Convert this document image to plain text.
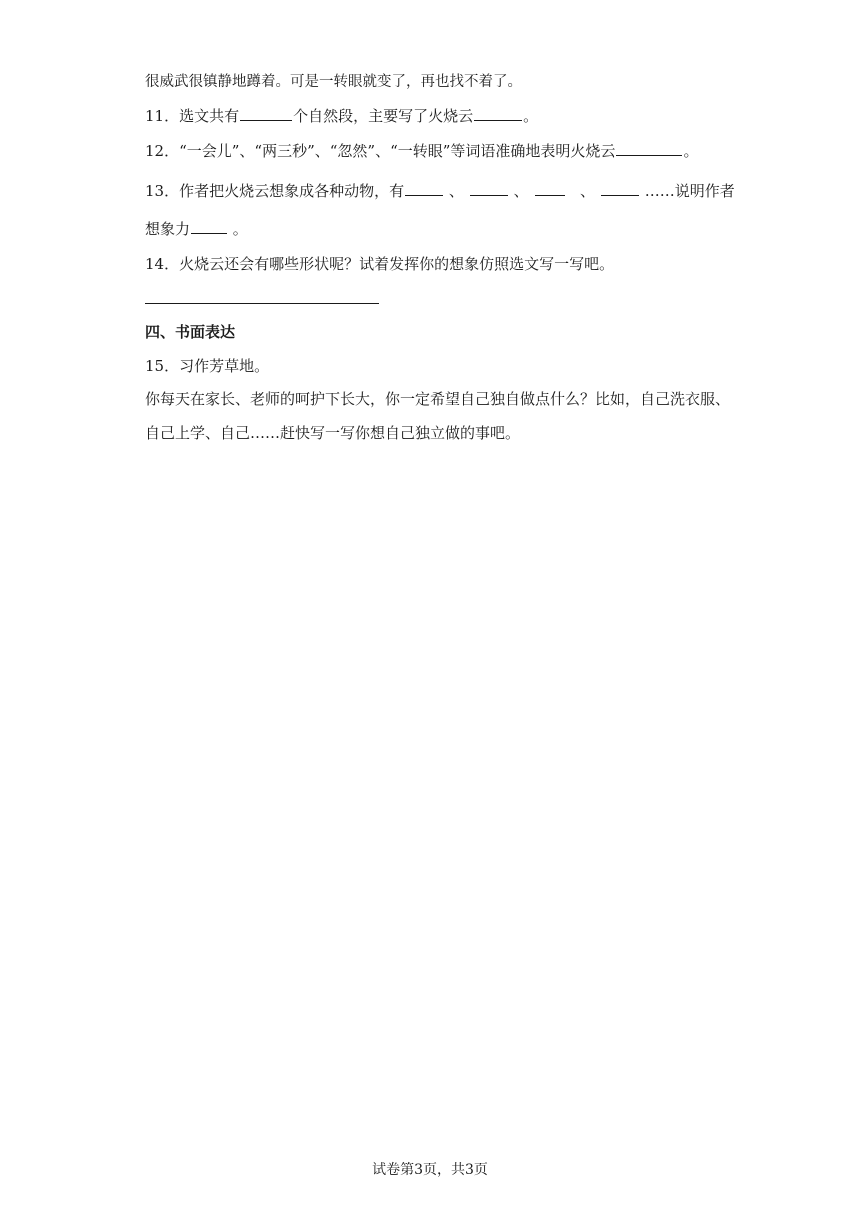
很威武很镇静地蹲着。可是一转眼就变了，再也找不着了。
11．选文共有	个自然段，主要写了火烧云	。
12．“一会儿”、“两三秒”、“忽然”、“一转眼”等词语准确地表明火烧云	。
13．作者把火烧云想象成各种动物，有	、	、   、	……说明作者
想象力	。
14．火烧云还会有哪些形状呢？试着发挥你的想象仿照选文写一写吧。
四、书面表达
15．习作芳草地。
你每天在家长、老师的呵护下长大，你一定希望自己独自做点什么？比如，自己洗衣服、
自己上学、自己……赶快写一写你想自己独立做的事吧。
试卷第3页，共3页
